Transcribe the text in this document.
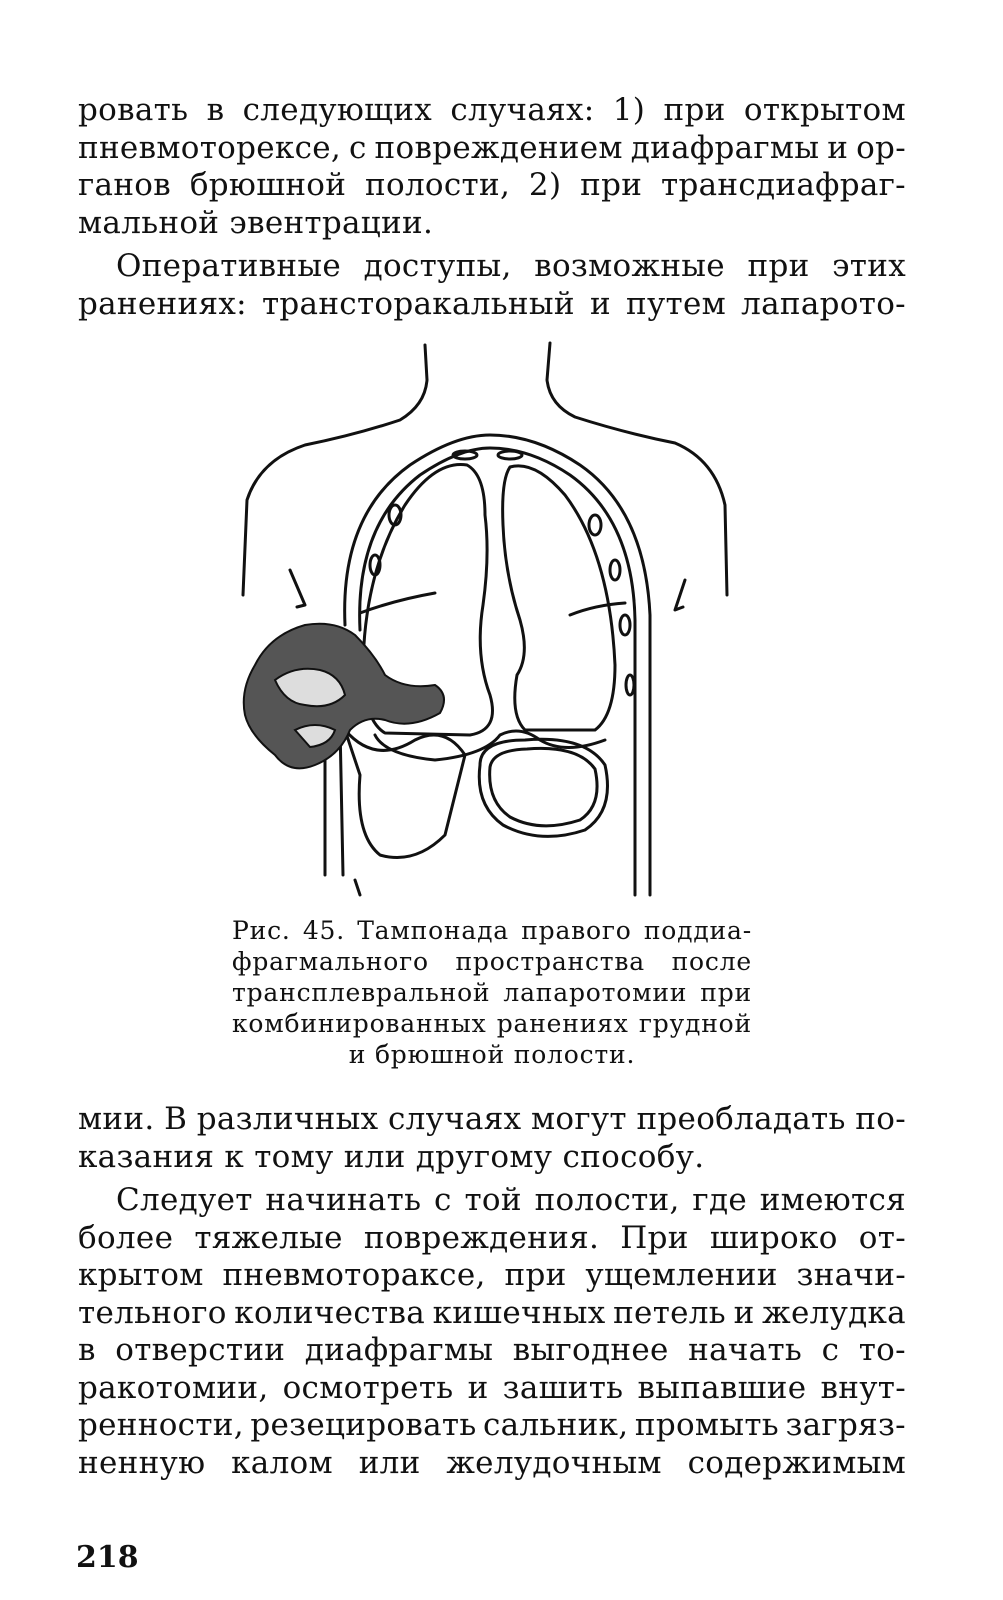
ровать в следующих случаях: 1) при открытом
пневмоторексе, с повреждением диафрагмы и ор-
ганов брюшной полости, 2) при трансдиафраг-
мальной эвентрации.
Оперативные доступы, возможные при этих
ранениях: трансторакальный и путем лапарото-
Рис. 45. Тампонада правого поддиа-
фрагмального пространства после
трансплевральной лапаротомии при
комбинированных ранениях грудной
и брюшной полости.
мии. В различных случаях могут преобладать по-
казания к тому или другому способу.
Следует начинать с той полости, где имеются
более тяжелые повреждения. При широко от-
крытом пневмотораксе, при ущемлении значи-
тельного количества кишечных петель и желудка
в отверстии диафрагмы выгоднее начать с то-
ракотомии, осмотреть и зашить выпавшие внут-
ренности, резецировать сальник, промыть загряз-
ненную калом или желудочным содержимым
218
